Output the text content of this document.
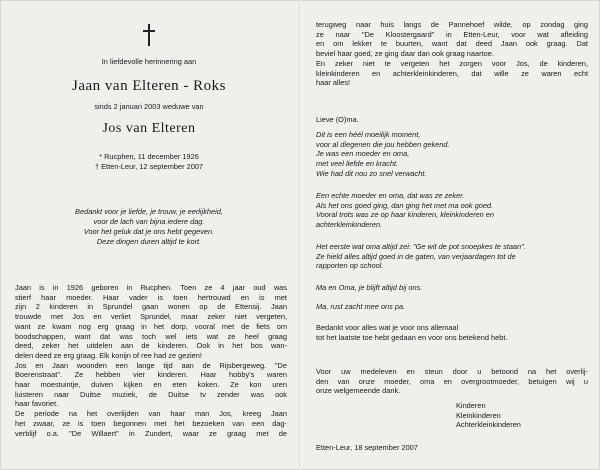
In liefdevolle herinnering aan
Jaan van Elteren - Roks
sinds 2 januari 2003 weduwe van
Jos van Elteren
* Rucphen, 11 december 1926
† Etten-Leur, 12 september 2007
Bedankt voor je liefde, je trouw, je eerlijkheid,
voor de lach van bijna iedere dag.
Voor het geluk dat je ons hebt gegeven.
Deze dingen duren altijd te kort.
Jaan is in 1926 geboren in Rucphen. Toen ze 4 jaar oud was
stierf haar moeder. Haar vader is toen hertrouwd en is met
zijn 2 kinderen in Sprundel gaan wonen op de Ettensij. Jaan
trouwde met Jos en verliet Sprundel, maar zeker niet vergeten,
want ze kwam nog erg graag in het dorp, vooral met de fiets om
boodschappen, want dat was toch wel iets wat ze heel graag
deed, zeker het uitdelen aan de kinderen. Ook in het bos wan-
delen deed ze erg graag. Elk konijn of ree had ze gezien!
Jos en Jaan woonden een lange tijd aan de Rijsbergeweg. "De
Boerenstraat". Ze hebben vier kinderen. Haar hobby's waren
haar moestuintje, duiven kijken en eten koken. Ze kon uren
luisteren naar Duitse muziek, de Duitse tv zender was ook
haar favoriet.
De periode na het overlijden van haar man Jos, kreeg Jaan
het zwaar, ze is toen begonnen met het bezoeken van een dag-
verblijf o.a. "De Willaert" in Zundert, waar ze graag met de
terugweg naar huis langs de Pannehoef wilde, op zondag ging
ze naar "De Kloostergaard" in Etten-Leur, voor wat afleiding
en om lekker te buurten, want dat deed Jaan ook graag. Dat
beviel haar goed, ze ging daar dan ook graag naartoe.
En zeker niet te vergeten het zorgen voor Jos, de kinderen,
kleinkinderen en achterkleinkinderen, dat wille ze waren echt
haar alles!
Lieve (O)ma.
Dit is een héél moeilijk moment,
voor al diegenen die jou hebben gekend.
Je was een moeder en oma,
met veel liefde en kracht.
Wie had dit nou zo snel verwacht.
Een echte moeder en oma, dat was ze zeker.
Als het ons goed ging, dan ging het met ma ook goed.
Vooral trots was ze op haar kinderen, kleinkinderen en
achterkleinkinderen.
Het eerste wat oma altijd zei: "Ge wit de pot snoepkes te staan".
Ze hield alles altijd goed in de gaten, van verjaardagen tot de
rapporten op school.
Ma en Oma, je blijft altijd bij ons.
Ma, rust zacht mee ons pa.
Bedankt voor alles wat je voor ons allemaal
tot het laatste toe hebt gedaan en voor ons betekend hebt.
Voor uw medeleven en steun door u betoond na het overlij-
den van onze moeder, oma en overgrootmoeder, betuigen wij u
onze welgemeende dank.
Kinderen
Kleinkinderen
Achterkleinkinderen
Etten-Leur, 18 september 2007
